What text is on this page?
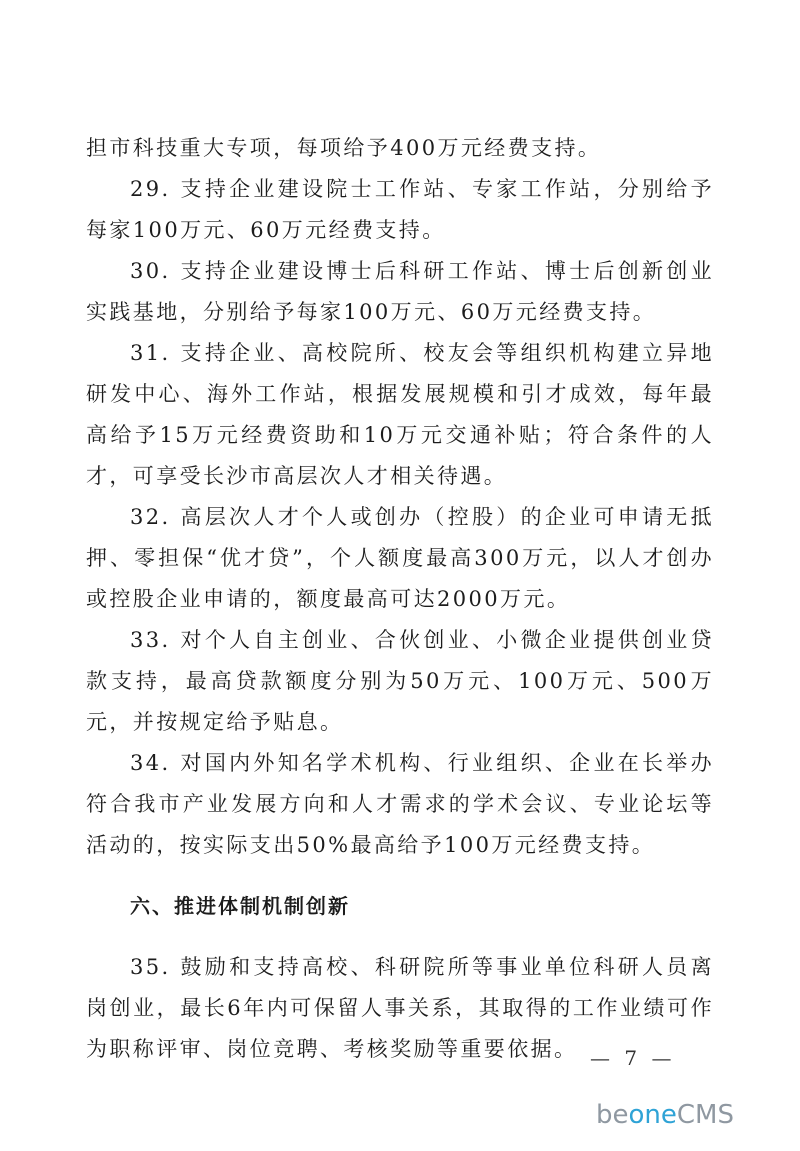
担市科技重大专项，每项给予400万元经费支持。

29. 支持企业建设院士工作站、专家工作站，分别给予每家100万元、60万元经费支持。

30. 支持企业建设博士后科研工作站、博士后创新创业实践基地，分别给予每家100万元、60万元经费支持。

31. 支持企业、高校院所、校友会等组织机构建立异地研发中心、海外工作站，根据发展规模和引才成效，每年最高给予15万元经费资助和10万元交通补贴；符合条件的人才，可享受长沙市高层次人才相关待遇。

32. 高层次人才个人或创办（控股）的企业可申请无抵押、零担保“优才贷”，个人额度最高300万元，以人才创办或控股企业申请的，额度最高可达2000万元。

33. 对个人自主创业、合伙创业、小微企业提供创业贷款支持，最高贷款额度分别为50万元、100万元、500万元，并按规定给予贴息。

34. 对国内外知名学术机构、行业组织、企业在长举办符合我市产业发展方向和人才需求的学术会议、专业论坛等活动的，按实际支出50%最高给予100万元经费支持。

六、推进体制机制创新

35. 鼓励和支持高校、科研院所等事业单位科研人员离岗创业，最长6年内可保留人事关系，其取得的工作业绩可作为职称评审、岗位竞聘、考核奖励等重要依据。 — 7 —
beoneCMS
